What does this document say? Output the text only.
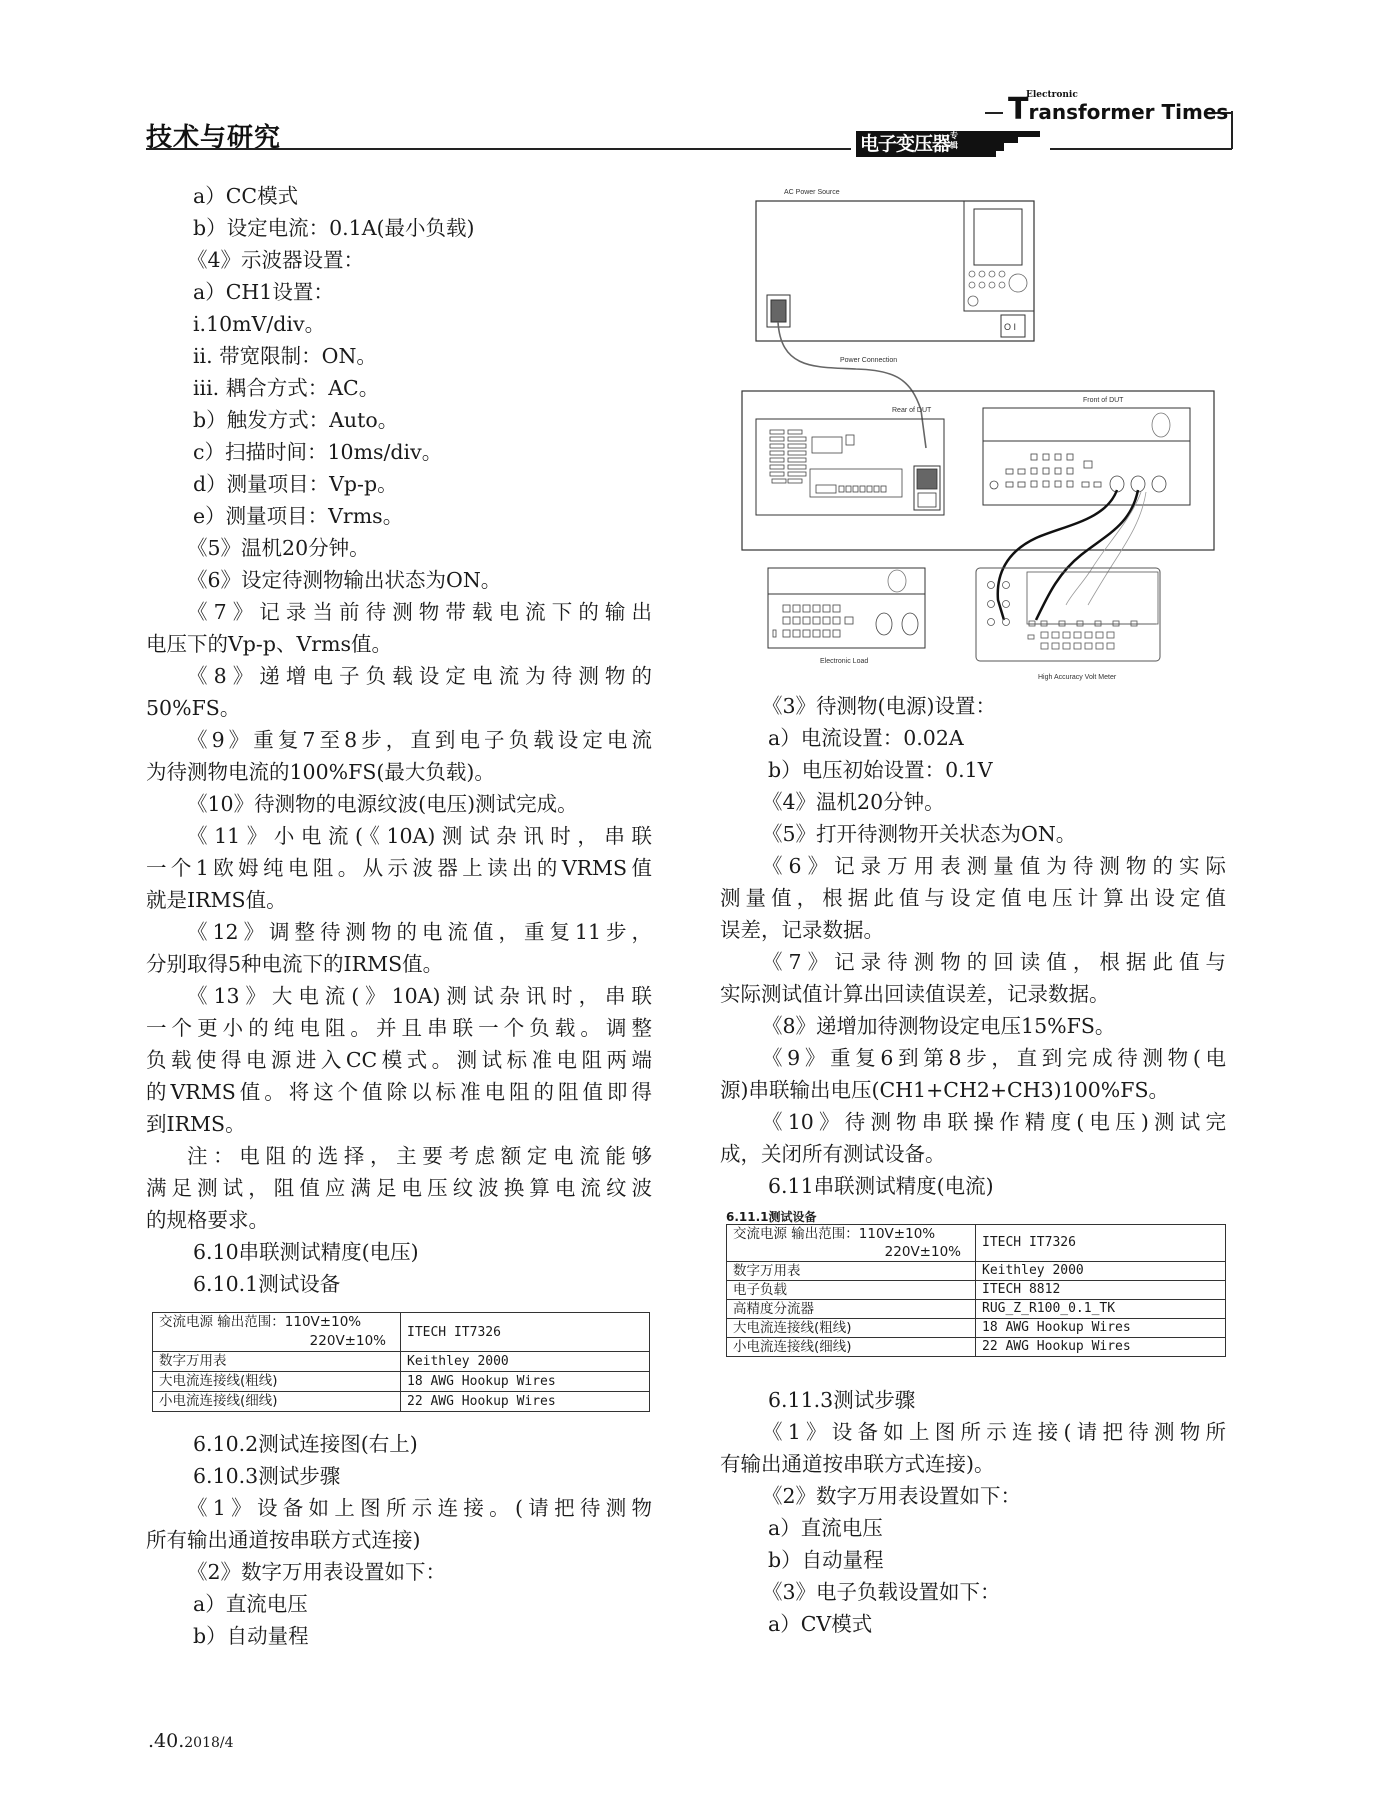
技术与研究
T
Electronic
ransformer Times
电子变压器专辑
a）CC模式
b）设定电流：0.1A(最小负载)
《4》示波器设置：
a）CH1设置：
i.10mV/div。
ii. 带宽限制：ON。
iii. 耦合方式：AC。
b）触发方式：Auto。
c）扫描时间：10ms/div。
d）测量项目：Vp-p。
e）测量项目：Vrms。
《5》温机20分钟。
《6》设定待测物输出状态为ON。
《7》记录当前待测物带载电流下的输出
电压下的Vp-p、Vrms值。
《8》递增电子负载设定电流为待测物的
50%FS。
《9》重复7至8步，直到电子负载设定电流
为待测物电流的100%FS(最大负载)。
《10》待测物的电源纹波(电压)测试完成。
《11》小电流(《10A)测试杂讯时，串联
一个1欧姆纯电阻。从示波器上读出的VRMS值
就是IRMS值。
《12》调整待测物的电流值，重复11步，
分别取得5种电流下的IRMS值。
《13》大电流(》10A)测试杂讯时，串联
一个更小的纯电阻。并且串联一个负载。调整
负载使得电源进入CC模式。测试标准电阻两端
的VRMS值。将这个值除以标准电阻的阻值即得
到IRMS。
注：电阻的选择，主要考虑额定电流能够
满足测试，阻值应满足电压纹波换算电流纹波
的规格要求。
6.10串联测试精度(电压)
6.10.1测试设备
交流电源 输出范围：110V±10%
220V±10%	ITECH IT7326
数字万用表	Keithley 2000
大电流连接线(粗线)	18 AWG Hookup Wires
小电流连接线(细线)	22 AWG Hookup Wires
6.10.2测试连接图(右上)
6.10.3测试步骤
《1》设备如上图所示连接。(请把待测物
所有输出通道按串联方式连接)
《2》数字万用表设置如下：
a）直流电压
b）自动量程
AC Power Source
O I
Power Connection
Rear of DUT
Front of DUT
Electronic Load
High Accuracy Volt Meter
《3》待测物(电源)设置：
a）电流设置：0.02A
b）电压初始设置：0.1V
《4》温机20分钟。
《5》打开待测物开关状态为ON。
《6》记录万用表测量值为待测物的实际
测量值，根据此值与设定值电压计算出设定值
误差，记录数据。
《7》记录待测物的回读值，根据此值与
实际测试值计算出回读值误差，记录数据。
《8》递增加待测物设定电压15%FS。
《9》重复6到第8步，直到完成待测物(电
源)串联输出电压(CH1+CH2+CH3)100%FS。
《10》待测物串联操作精度(电压)测试完
成，关闭所有测试设备。
6.11串联测试精度(电流)
6.11.1测试设备
交流电源 输出范围：110V±10%
220V±10%	ITECH IT7326
数字万用表	Keithley 2000
电子负载	ITECH 8812
高精度分流器	RUG_Z_R100_0.1_TK
大电流连接线(粗线)	18 AWG Hookup Wires
小电流连接线(细线)	22 AWG Hookup Wires
6.11.3测试步骤
《1》设备如上图所示连接(请把待测物所
有输出通道按串联方式连接)。
《2》数字万用表设置如下：
a）直流电压
b）自动量程
《3》电子负载设置如下：
a）CV模式
.40.2018/4
